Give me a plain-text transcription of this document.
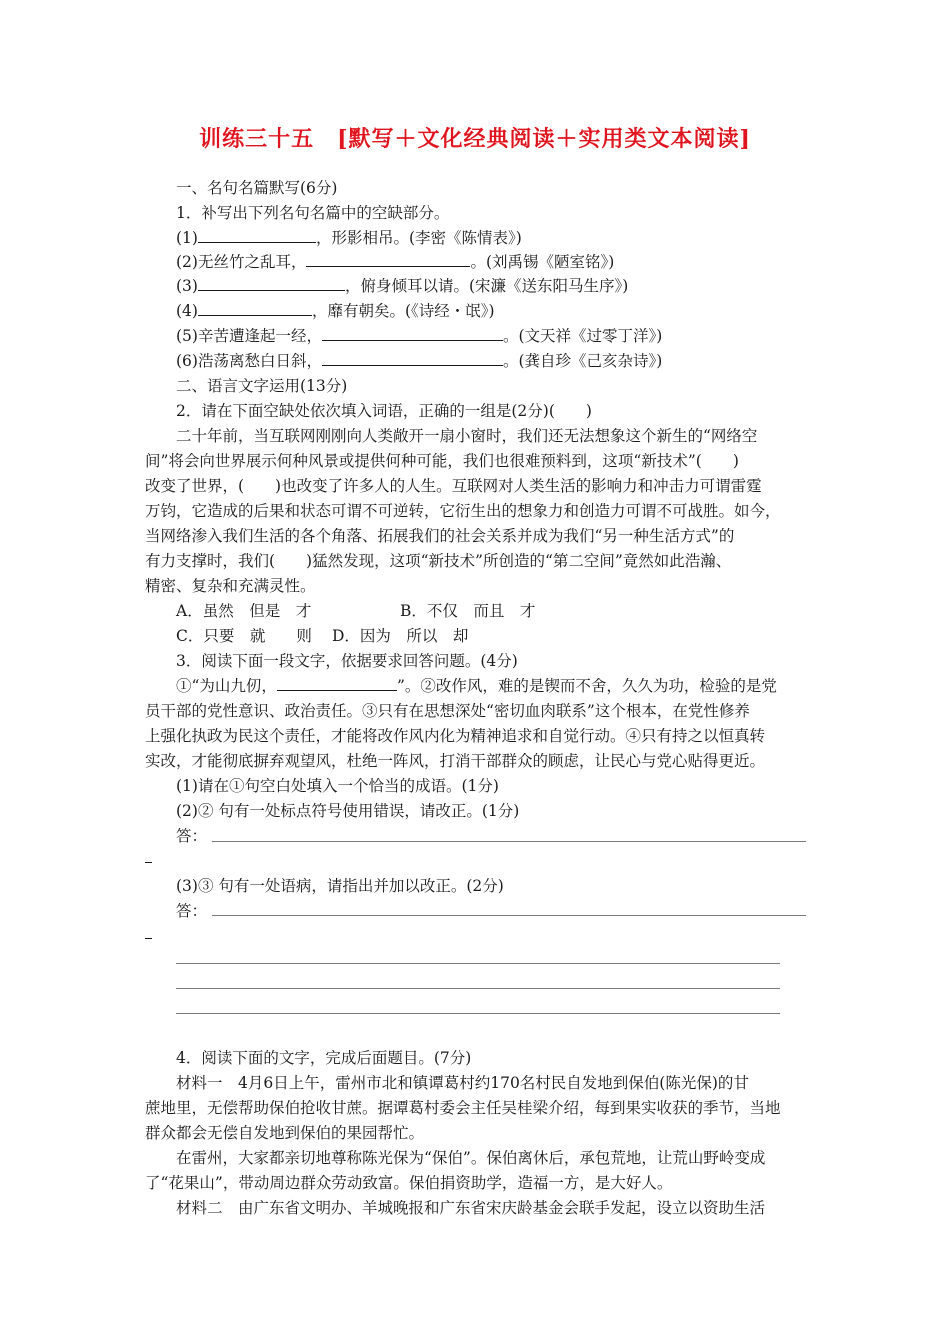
训练三十五　[默写＋文化经典阅读＋实用类文本阅读]
一、名句名篇默写(6分)
1．补写出下列名句名篇中的空缺部分。
(1)	，形影相吊。(李密《陈情表》)
(2)无丝竹之乱耳，	。(刘禹锡《陋室铭》)
(3)	，俯身倾耳以请。(宋濂《送东阳马生序》)
(4)	，靡有朝矣。(《诗经・氓》)
(5)辛苦遭逢起一经，	。(文天祥《过零丁洋》)
(6)浩荡离愁白日斜，	。(龚自珍《己亥杂诗》)
二、语言文字运用(13分)
2．请在下面空缺处依次填入词语，正确的一组是(2分)(　　)
二十年前，当互联网刚刚向人类敞开一扇小窗时，我们还无法想象这个新生的“网络空
间”将会向世界展示何种风景或提供何种可能，我们也很难预料到，这项“新技术”(　　)
改变了世界，(　　)也改变了许多人的人生。互联网对人类生活的影响力和冲击力可谓雷霆
万钧，它造成的后果和状态可谓不可逆转，它衍生出的想象力和创造力可谓不可战胜。如今，
当网络渗入我们生活的各个角落、拓展我们的社会关系并成为我们“另一种生活方式”的
有力支撑时，我们(　　)猛然发现，这项“新技术”所创造的“第二空间”竟然如此浩瀚、
精密、复杂和充满灵性。
A．虽然　但是　才	B．不仅　而且　才
C．只要　就　　则 D．因为　所以　却
3．阅读下面一段文字，依据要求回答问题。(4分)
①“为山九仞，	”。②改作风，难的是锲而不舍，久久为功，检验的是党
员干部的党性意识、政治责任。③只有在思想深处“密切血肉联系”这个根本，在党性修养
上强化执政为民这个责任，才能将改作风内化为精神追求和自觉行动。④只有持之以恒真转
实改，才能彻底摒弃观望风，杜绝一阵风，打消干部群众的顾虑，让民心与党心贴得更近。
(1)请在①句空白处填入一个恰当的成语。(1分)
(2)② 句有一处标点符号使用错误，请改正。(1分)
答：
(3)③ 句有一处语病，请指出并加以改正。(2分)
答：
4．阅读下面的文字，完成后面题目。(7分)
材料一　4月6日上午，雷州市北和镇谭葛村约170名村民自发地到保伯(陈光保)的甘
蔗地里，无偿帮助保伯抢收甘蔗。据谭葛村委会主任吴桂梁介绍，每到果实收获的季节，当地
群众都会无偿自发地到保伯的果园帮忙。
在雷州，大家都亲切地尊称陈光保为“保伯”。保伯离休后，承包荒地，让荒山野岭变成
了“花果山”，带动周边群众劳动致富。保伯捐资助学，造福一方，是大好人。
材料二　由广东省文明办、羊城晚报和广东省宋庆龄基金会联手发起，设立以资助生活
